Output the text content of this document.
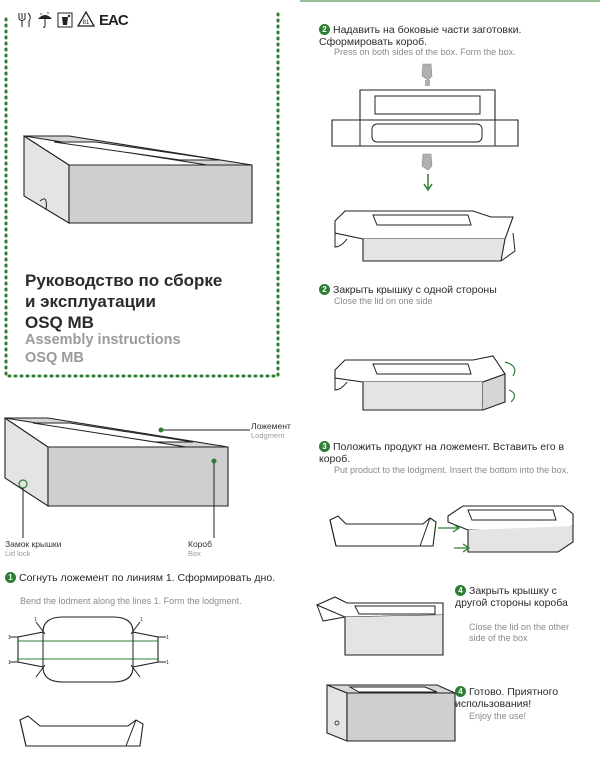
81 EAC
Руководство по сборке
и эксплуатации
OSQ MB
Assembly instructions
OSQ MB
Ложемент
Lodgment
Замок крышки
Lid lock
Короб
Box
1 Согнуть ложемент по линиям 1. Сформировать дно.
Bend the lodment along the lines 1. Form the lodgment.
1
1
1
1
1	1
2 Надавить на боковые части заготовки. Сформировать короб.
Press on both sides of the box. Form the box.
2 Закрыть крышку с одной стороны
Close the lid on one side
3 Положить продукт на ложемент. Вставить его в короб.
Put product to the lodgment. Insert the bottom into the box.
4 Закрыть крышку с другой стороны короба
Close the lid on the other side of the box
4 Готово. Приятного использования!
Enjoy the use!
